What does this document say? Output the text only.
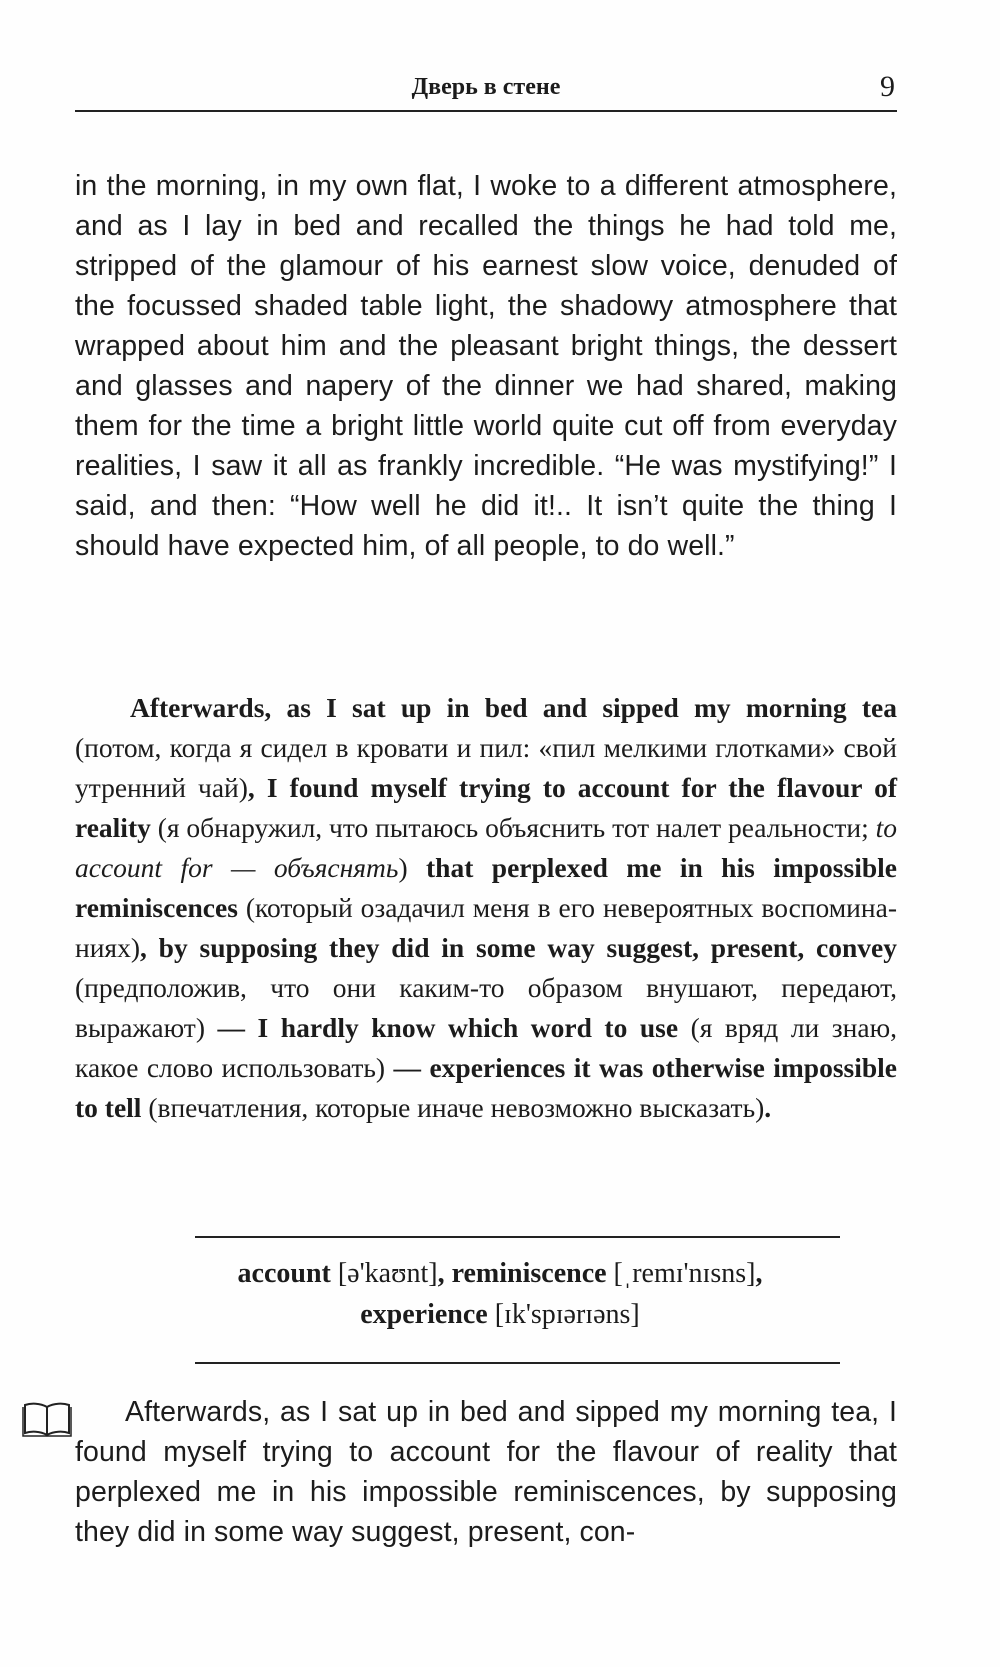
Дверь в стене	9

in the morning, in my own flat, I woke to a different atmosphere, and as I lay in bed and recalled the things he had told me, stripped of the glamour of his earnest slow voice, denuded of the focussed shaded table light, the shadowy atmosphere that wrapped about him and the pleasant bright things, the dessert and glasses and napery of the dinner we had shared, making them for the time a bright little world quite cut off from everyday realities, I saw it all as frankly incredible. “He was mystifying!” I said, and then: “How well he did it!.. It isn’t quite the thing I should have expected him, of all people, to do well.”

Afterwards, as I sat up in bed and sipped my morning tea (потом, когда я сидел в кровати и пил: «пил мелкими глотками» свой утренний чай), I found myself trying to account for the flavour of reality (я обнаружил, что пытаюсь объяснить тот налет реальности; to account for — объяснять) that perplexed me in his impossible reminiscences (который озадачил меня в его невероятных воспоминаниях), by supposing they did in some way suggest, present, convey (предположив, что они каким-то образом внушают, передают, выражают) — I hardly know which word to use (я вряд ли знаю, какое слово использовать) — experiences it was otherwise impossible to tell (впечатления, которые иначе невозможно высказать).

account [ə'kaʊnt], reminiscence [ˌremɪ'nɪsns],
experience [ɪk'spɪərɪəns]

Afterwards, as I sat up in bed and sipped my morning tea, I found myself trying to account for the flavour of reality that perplexed me in his impossible reminiscences, by supposing they did in some way suggest, present, con-
